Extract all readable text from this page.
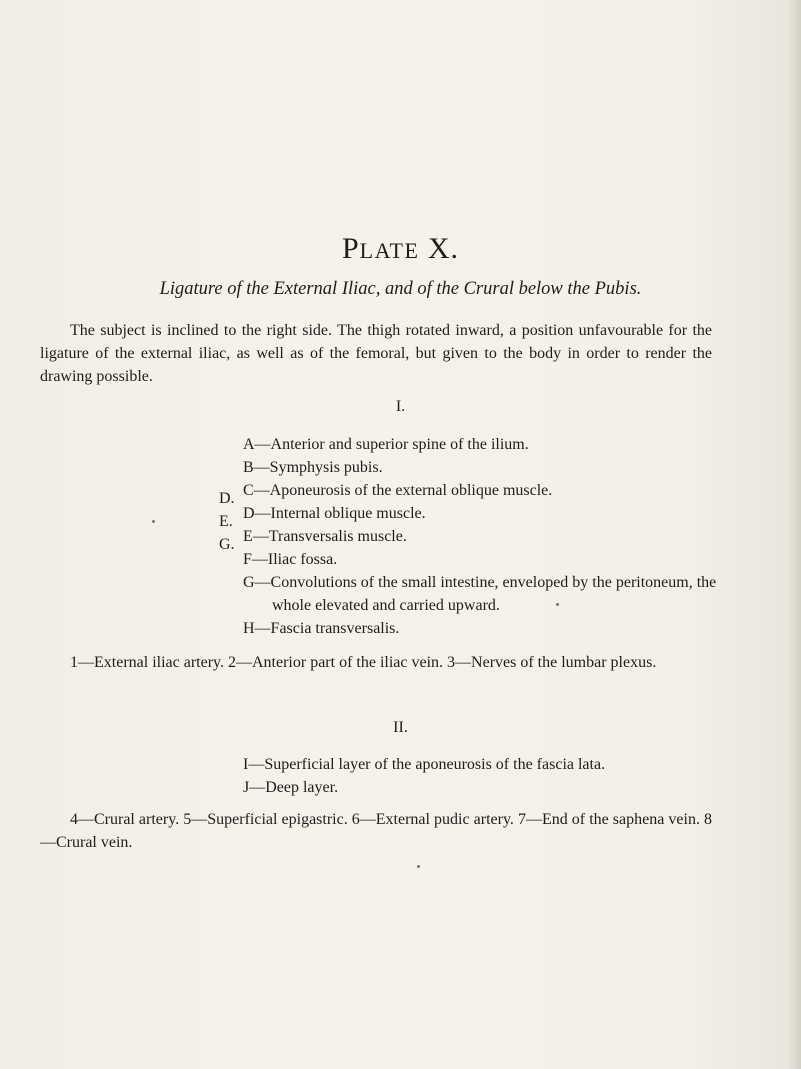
PLATE X.
Ligature of the External Iliac, and of the Crural below the Pubis.
The subject is inclined to the right side. The thigh rotated inward, a position unfavourable for the ligature of the external iliac, as well as of the femoral, but given to the body in order to render the drawing possible.
I.
D.
E.
G.
A—Anterior and superior spine of the ilium.
B—Symphysis pubis.
C—Aponeurosis of the external oblique muscle.
D—Internal oblique muscle.
E—Transversalis muscle.
F—Iliac fossa.
G—Convolutions of the small intestine, enveloped by the peritoneum, the
whole elevated and carried upward.
H—Fascia transversalis.
1—External iliac artery. 2—Anterior part of the iliac vein. 3—Nerves of the lumbar plexus.
II.
I—Superficial layer of the aponeurosis of the fascia lata.
J—Deep layer.
4—Crural artery. 5—Superficial epigastric. 6—External pudic artery. 7—End of the saphena vein. 8—Crural vein.
